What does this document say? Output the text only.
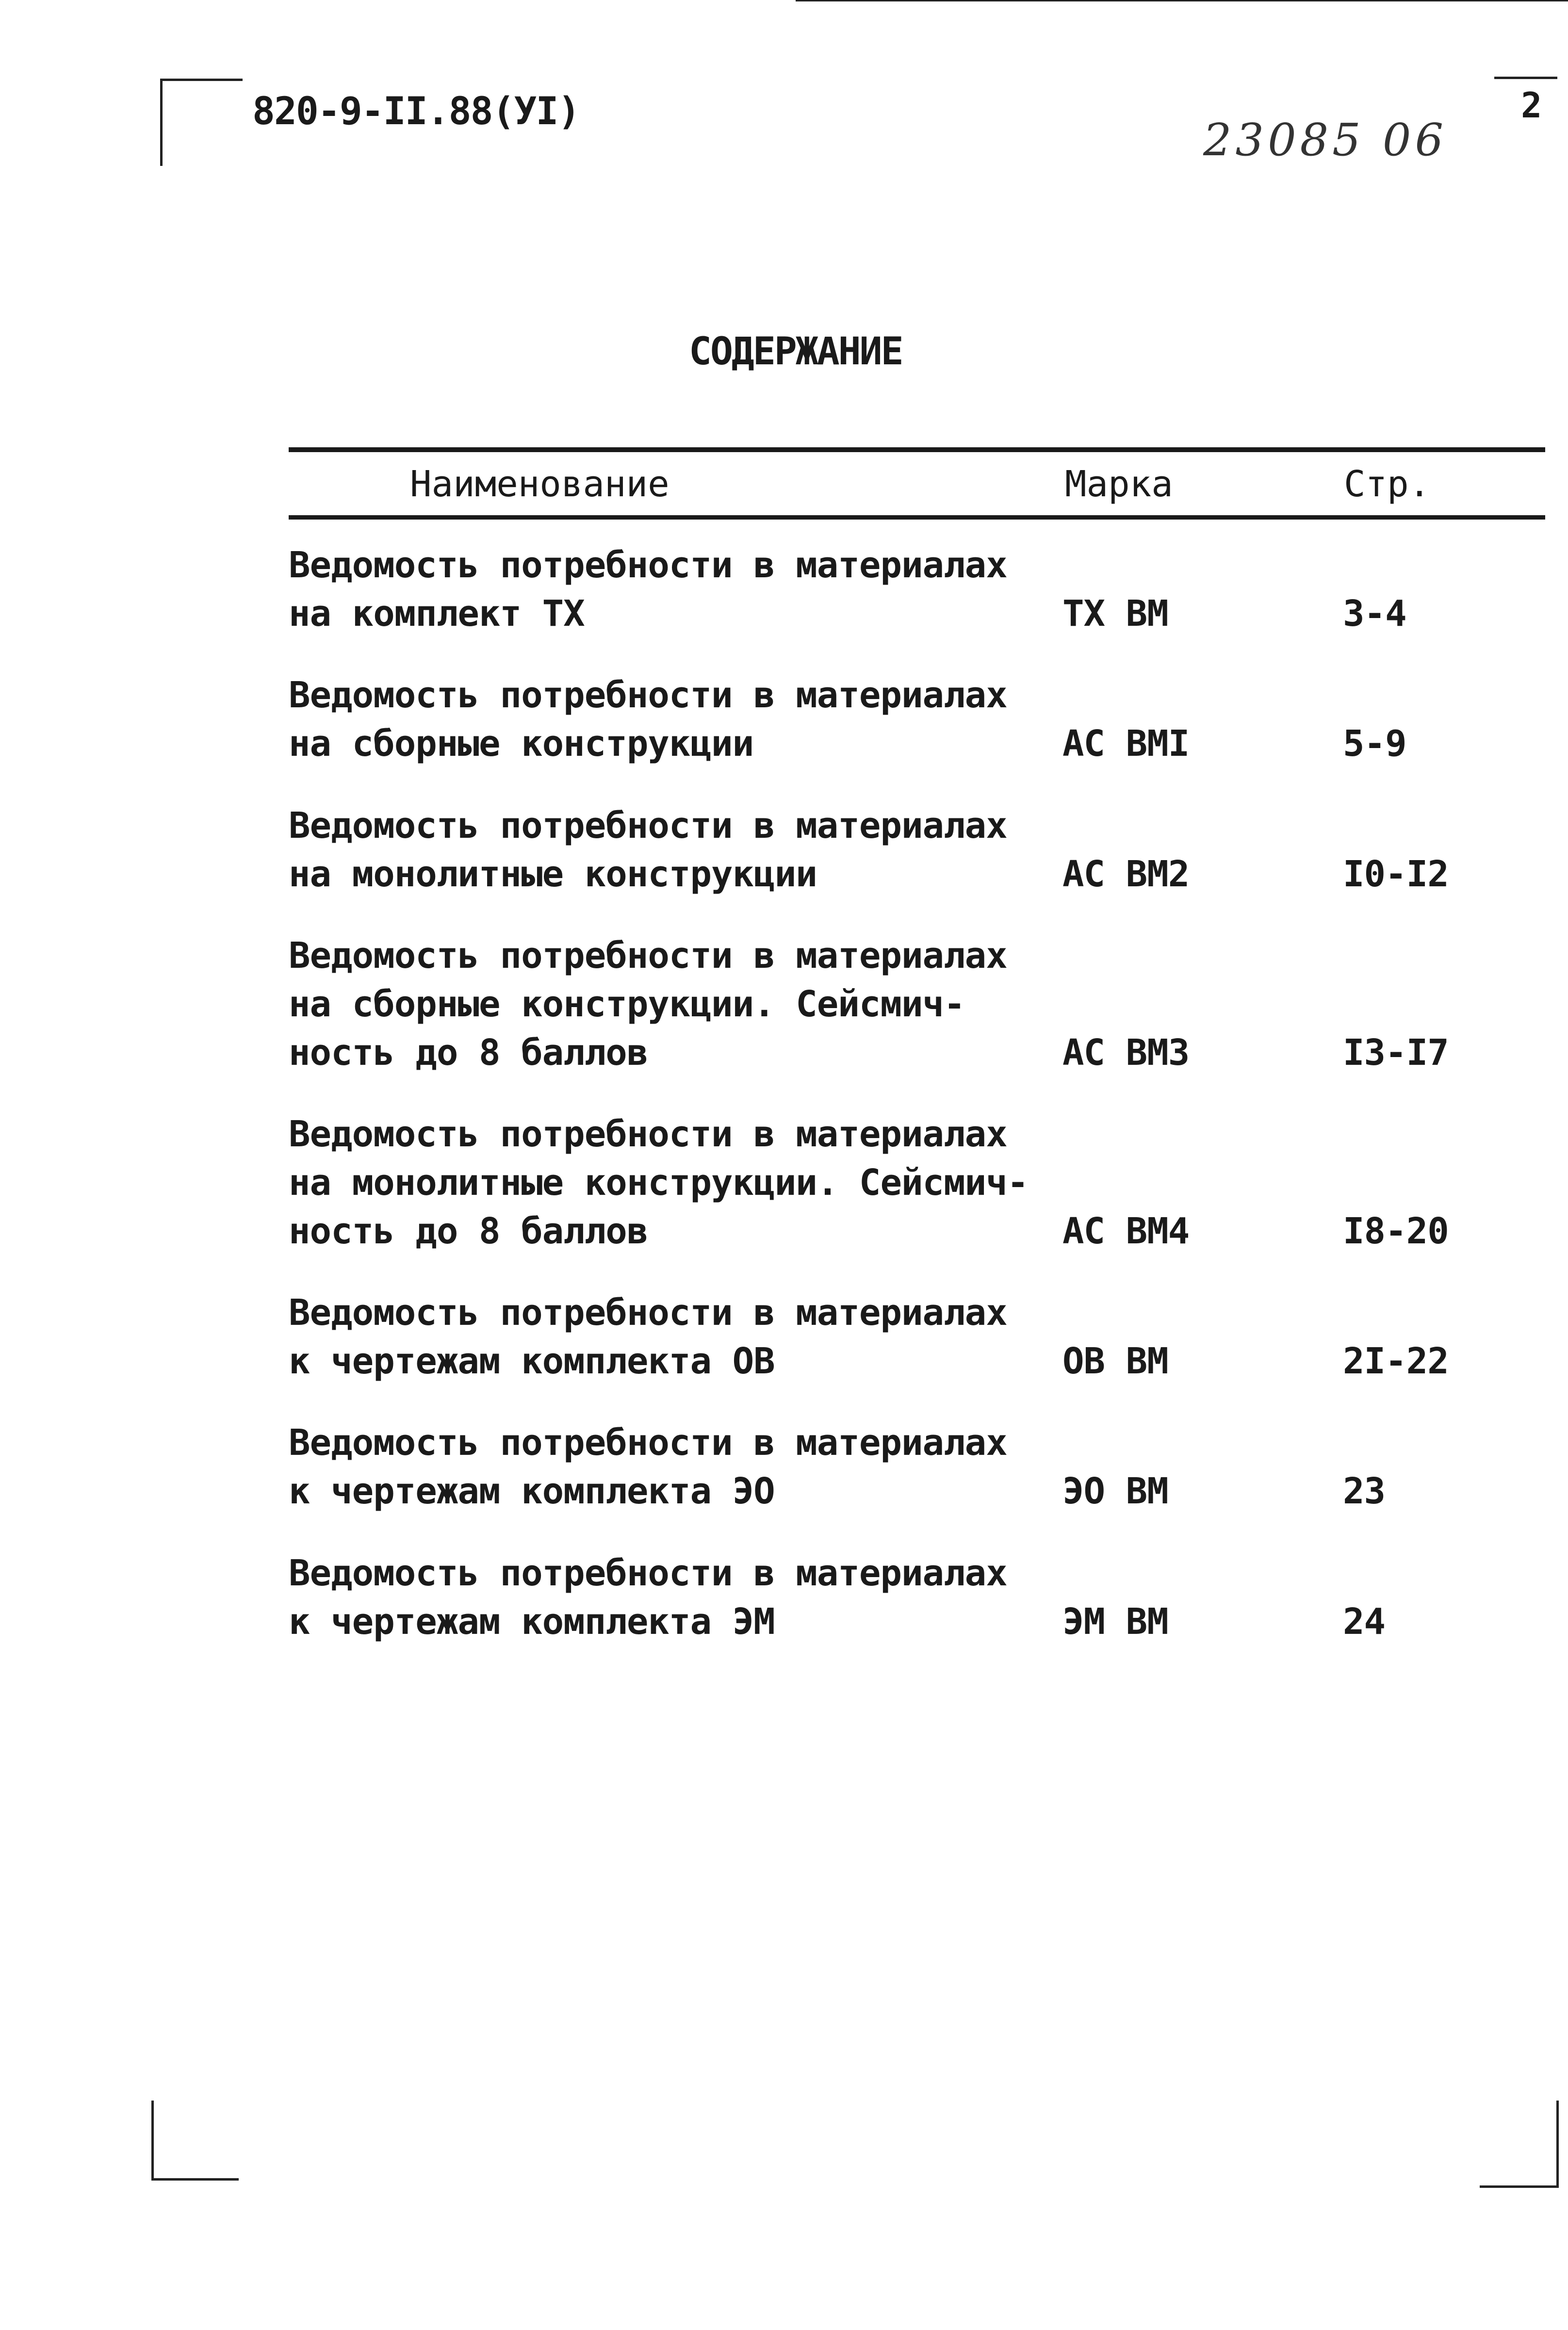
820-9-II.88(УI)
23085 06
2
СОДЕРЖАНИЕ
Наименование	Марка	Стр.
Ведомость потребности в материалах
на комплект ТХ	ТХ ВМ	3-4
Ведомость потребности в материалах
на сборные конструкции	АС ВМI	5-9
Ведомость потребности в материалах
на монолитные конструкции	АС ВМ2	I0-I2
Ведомость потребности в материалах
на сборные конструкции. Сейсмич-
ность до 8 баллов	АС ВМ3	I3-I7
Ведомость потребности в материалах
на монолитные конструкции. Сейсмич-
ность до 8 баллов	АС ВМ4	I8-20
Ведомость потребности в материалах
к чертежам комплекта ОВ	ОВ ВМ	2I-22
Ведомость потребности в материалах
к чертежам комплекта ЭО	ЭО ВМ	23
Ведомость потребности в материалах
к чертежам комплекта ЭМ	ЭМ ВМ	24
